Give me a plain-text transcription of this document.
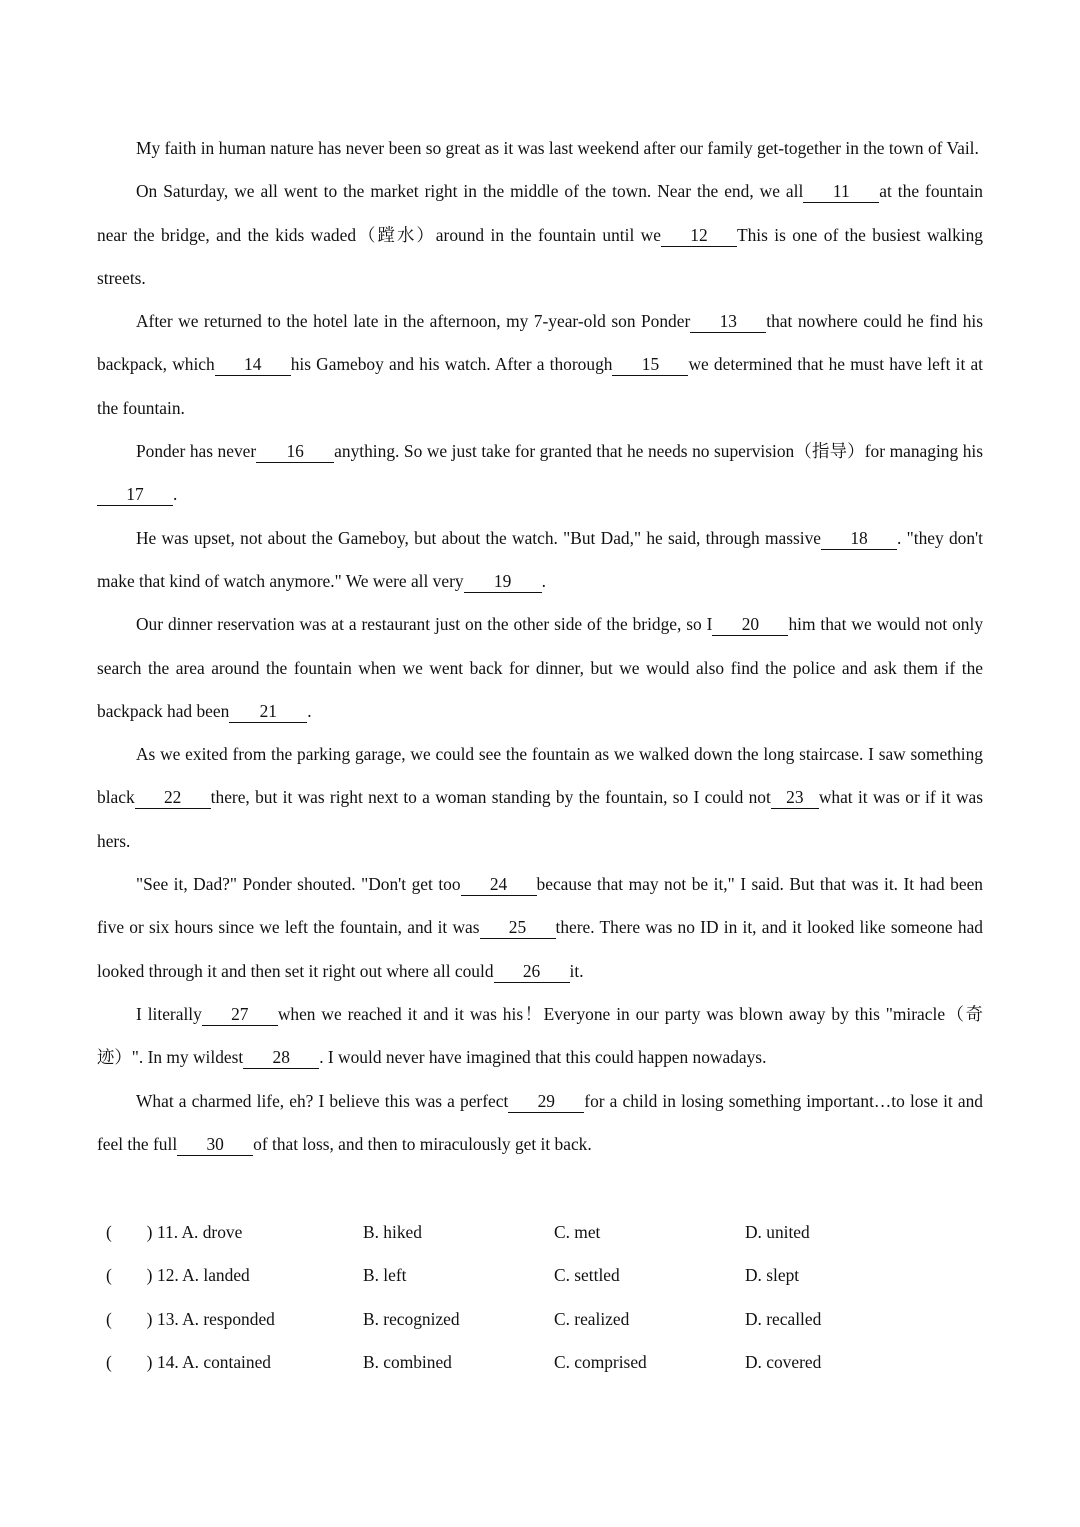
My faith in human nature has never been so great as it was last weekend after our family get-together in the town of Vail.

On Saturday, we all went to the market right in the middle of the town. Near the end, we all 11 at the fountain near the bridge, and the kids waded（蹚水）around in the fountain until we 12 This is one of the busiest walking streets.

After we returned to the hotel late in the afternoon, my 7-year-old son Ponder 13 that nowhere could he find his backpack, which 14 his Gameboy and his watch. After a thorough 15 we determined that he must have left it at the fountain.

Ponder has never 16 anything. So we just take for granted that he needs no supervision（指导）for managing his17 .

He was upset, not about the Gameboy, but about the watch. "But Dad," he said, through massive 18 . "they don't make that kind of watch anymore." We were all very 19 .

Our dinner reservation was at a restaurant just on the other side of the bridge, so I 20 him that we would not only search the area around the fountain when we went back for dinner, but we would also find the police and ask them if the backpack had been 21 .

As we exited from the parking garage, we could see the fountain as we walked down the long staircase. I saw something black 22 there, but it was right next to a woman standing by the fountain, so I could not 23 what it was or if it was hers.

"See it, Dad?" Ponder shouted. "Don't get too 24 because that may not be it," I said. But that was it. It had been five or six hours since we left the fountain, and it was 25 there. There was no ID in it, and it looked like someone had looked through it and then set it right out where all could 26 it.

I literally 27 when we reached it and it was his！Everyone in our party was blown away by this "miracle（奇迹）". In my wildest 28 . I would never have imagined that this could happen nowadays.

What a charmed life, eh? I believe this was a perfect 29 for a child in losing something important…to lose it and feel the full 30 of that loss, and then to miraculously get it back.

(　　) 11. A. drove	B. hiked	C. met	D. united
(　　) 12. A. landed	B. left	C. settled	D. slept
(　　) 13. A. responded	B. recognized	C. realized	D. recalled
(　　) 14. A. contained	B. combined	C. comprised	D. covered
